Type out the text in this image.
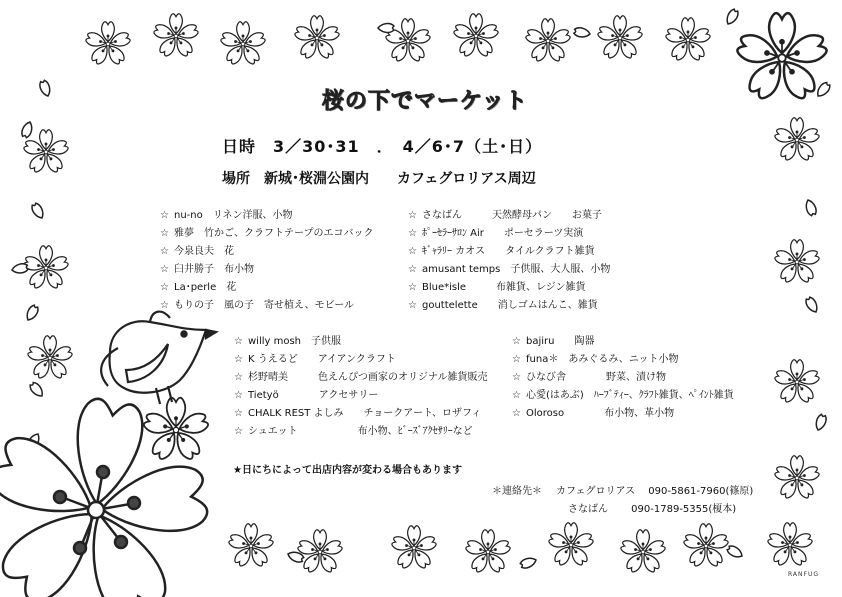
桜の下でマーケット
日時　3／30･31　．　4／6･7（土･日）
場所　新城･桜淵公園内　　カフェグロリアス周辺
☆ nu-no　リネン洋服、小物
☆ 雅夢　竹かご、クラフトテープのエコバック
☆ 今泉良夫　花
☆ 臼井勝子　布小物
☆ La･perle　花
☆ もりの子　風の子　寄せ植え、モビール
☆ さなばん　　　天然酵母パン　　お菓子
☆ ﾎﾟｰｾﾗｰｻﾛﾝ Air　　ポーセラーツ実演
☆ ｷﾞｬﾗﾘｰ カオス　　タイルクラフト雑貨
☆ amusant temps　子供服、大人服、小物
☆ Blue*isle　　　布雑貨、レジン雑貨
☆ gouttelette　　消しゴムはんこ、雑貨
☆ willy mosh　子供服
☆ K うえるど　　アイアンクラフト
☆ 杉野晴美　　　色えんぴつ画家のオリジナル雑貨販売
☆ Tietyö　　　　アクセサリー
☆ CHALK REST よしみ　　チョークアート、ロザフィ
☆ シュエット　　　　　　布小物、ﾋﾞｰｽﾞｱｸｾｻﾘｰなど
☆ bajiru　　陶器
☆ funa＊　あみぐるみ、ニット小物
☆ ひなび舎　　　　野菜、漬け物
☆ 心愛(はあぶ)　ﾊｰﾌﾞﾃｨｰ、ｸﾗﾌﾄ雑貨、ﾍﾟｲﾝﾄ雑貨
☆ Oloroso　　　　布小物、革小物
★日にちによって出店内容が変わる場合もあります
＊連絡先＊ カフェグロリアス　 090-5861-7960(篠原)
さなばん　　 090-1789-5355(榎本)
RANFUG
